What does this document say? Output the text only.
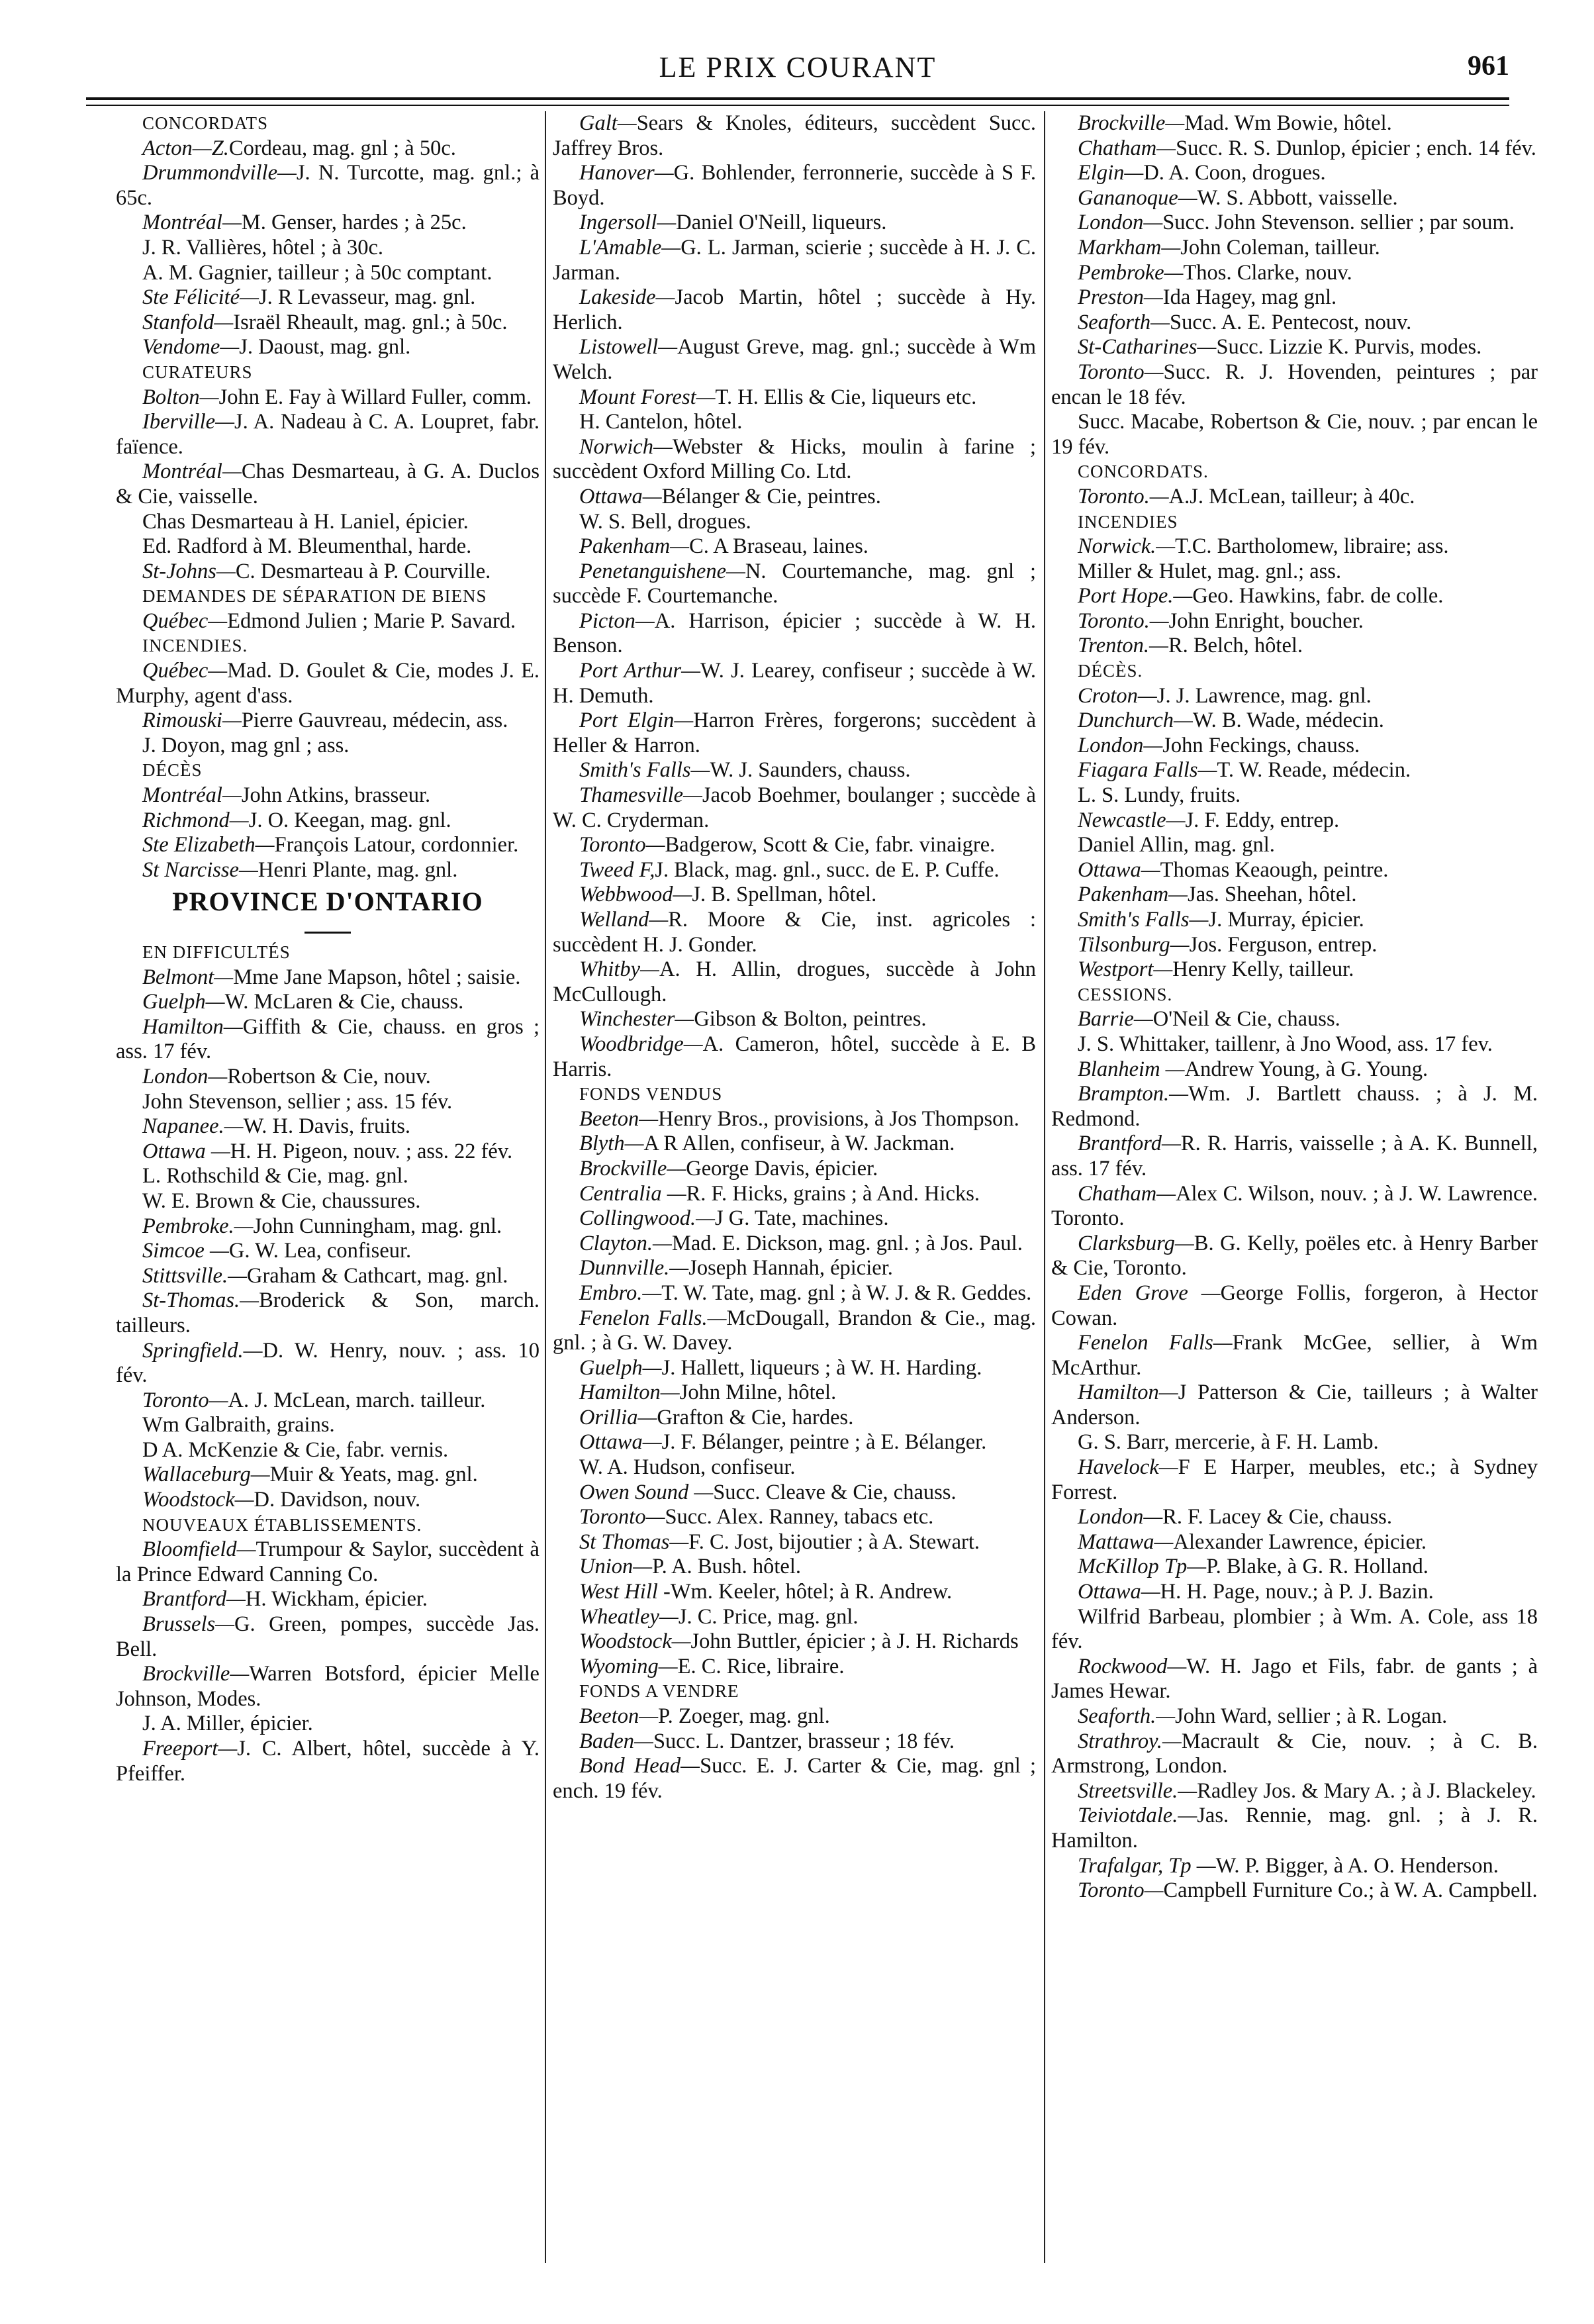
LE PRIX COURANT	961

CONCORDATS

Acton—Z.Cordeau, mag. gnl ; à 50c.

Drummondville—J. N. Turcotte, mag. gnl.; à 65c.

Montréal—M. Genser, hardes ; à 25c.

J. R. Vallières, hôtel ; à 30c.

A. M. Gagnier, tailleur ; à 50c comptant.

Ste Félicité—J. R Levasseur, mag. gnl.

Stanfold—Israël Rheault, mag. gnl.; à 50c.

Vendome—J. Daoust, mag. gnl.

CURATEURS

Bolton—John E. Fay à Willard Fuller, comm.

Iberville—J. A. Nadeau à C. A. Loupret, fabr. faïence.

Montréal—Chas Desmarteau, à G. A. Duclos & Cie, vaisselle.

Chas Desmarteau à H. Laniel, épicier.

Ed. Radford à M. Bleumenthal, harde.

St-Johns—C. Desmarteau à P. Courville.

DEMANDES DE SÉPARATION DE BIENS

Québec—Edmond Julien ; Marie P. Savard.

INCENDIES.

Québec—Mad. D. Goulet & Cie, modes J. E. Murphy, agent d'ass.

Rimouski—Pierre Gauvreau, médecin, ass.

J. Doyon, mag gnl ; ass.

DÉCÈS

Montréal—John Atkins, brasseur.

Richmond—J. O. Keegan, mag. gnl.

Ste Elizabeth—François Latour, cordonnier.

St Narcisse—Henri Plante, mag. gnl.

PROVINCE D'ONTARIO

EN DIFFICULTÉS

Belmont—Mme Jane Mapson, hôtel ; saisie.

Guelph—W. McLaren & Cie, chauss.

Hamilton—Giffith & Cie, chauss. en gros ; ass. 17 fév.

London—Robertson & Cie, nouv.

John Stevenson, sellier ; ass. 15 fév.

Napanee.—W. H. Davis, fruits.

Ottawa —H. H. Pigeon, nouv. ; ass. 22 fév.

L. Rothschild & Cie, mag. gnl.

W. E. Brown & Cie, chaussures.

Pembroke.—John Cunningham, mag. gnl.

Simcoe —G. W. Lea, confiseur.

Stittsville.—Graham & Cathcart, mag. gnl.

St-Thomas.—Broderick & Son, march. tailleurs.

Springfield.—D. W. Henry, nouv. ; ass. 10 fév.

Toronto—A. J. McLean, march. tailleur.

Wm Galbraith, grains.

D A. McKenzie & Cie, fabr. vernis.

Wallaceburg—Muir & Yeats, mag. gnl.

Woodstock—D. Davidson, nouv.

NOUVEAUX ÉTABLISSEMENTS.

Bloomfield—Trumpour & Saylor, succèdent à la Prince Edward Canning Co.

Brantford—H. Wickham, épicier.

Brussels—G. Green, pompes, succède Jas. Bell.

Brockville—Warren Botsford, épicier Melle Johnson, Modes.

J. A. Miller, épicier.

Freeport—J. C. Albert, hôtel, succède à Y. Pfeiffer.

Galt—Sears & Knoles, éditeurs, succèdent Succ. Jaffrey Bros.

Hanover—G. Bohlender, ferronnerie, succède à S F. Boyd.

Ingersoll—Daniel O'Neill, liqueurs.

L'Amable—G. L. Jarman, scierie ; succède à H. J. C. Jarman.

Lakeside—Jacob Martin, hôtel ; succède à Hy. Herlich.

Listowell—August Greve, mag. gnl.; succède à Wm Welch.

Mount Forest—T. H. Ellis & Cie, liqueurs etc.

H. Cantelon, hôtel.

Norwich—Webster & Hicks, moulin à farine ; succèdent Oxford Milling Co. Ltd.

Ottawa—Bélanger & Cie, peintres.

W. S. Bell, drogues.

Pakenham—C. A Braseau, laines.

Penetanguishene—N. Courtemanche, mag. gnl ; succède F. Courtemanche.

Picton—A. Harrison, épicier ; succède à W. H. Benson.

Port Arthur—W. J. Learey, confiseur ; succède à W. H. Demuth.

Port Elgin—Harron Frères, forgerons; succèdent à Heller & Harron.

Smith's Falls—W. J. Saunders, chauss.

Thamesville—Jacob Boehmer, boulanger ; succède à W. C. Cryderman.

Toronto—Badgerow, Scott & Cie, fabr. vinaigre.

Tweed F,J. Black, mag. gnl., succ. de E. P. Cuffe.

Webbwood—J. B. Spellman, hôtel.

Welland—R. Moore & Cie, inst. agricoles : succèdent H. J. Gonder.

Whitby—A. H. Allin, drogues, succède à John McCullough.

Winchester—Gibson & Bolton, peintres.

Woodbridge—A. Cameron, hôtel, succède à E. B Harris.

FONDS VENDUS

Beeton—Henry Bros., provisions, à Jos Thompson.

Blyth—A R Allen, confiseur, à W. Jackman.

Brockville—George Davis, épicier.

Centralia —R. F. Hicks, grains ; à And. Hicks.

Collingwood.—J G. Tate, machines.

Clayton.—Mad. E. Dickson, mag. gnl. ; à Jos. Paul.

Dunnville.—Joseph Hannah, épicier.

Embro.—T. W. Tate, mag. gnl ; à W. J. & R. Geddes.

Fenelon Falls.—McDougall, Brandon & Cie., mag. gnl. ; à G. W. Davey.

Guelph—J. Hallett, liqueurs ; à W. H. Harding.

Hamilton—John Milne, hôtel.

Orillia—Grafton & Cie, hardes.

Ottawa—J. F. Bélanger, peintre ; à E. Bélanger.

W. A. Hudson, confiseur.

Owen Sound —Succ. Cleave & Cie, chauss.

Toronto—Succ. Alex. Ranney, tabacs etc.

St Thomas—F. C. Jost, bijoutier ; à A. Stewart.

Union—P. A. Bush. hôtel.

West Hill -Wm. Keeler, hôtel; à R. Andrew.

Wheatley—J. C. Price, mag. gnl.

Woodstock—John Buttler, épicier ; à J. H. Richards

Wyoming—E. C. Rice, libraire.

FONDS A VENDRE

Beeton—P. Zoeger, mag. gnl.

Baden—Succ. L. Dantzer, brasseur ; 18 fév.

Bond Head—Succ. E. J. Carter & Cie, mag. gnl ; ench. 19 fév.

Brockville—Mad. Wm Bowie, hôtel.

Chatham—Succ. R. S. Dunlop, épicier ; ench. 14 fév.

Elgin—D. A. Coon, drogues.

Gananoque—W. S. Abbott, vaisselle.

London—Succ. John Stevenson. sellier ; par soum.

Markham—John Coleman, tailleur.

Pembroke—Thos. Clarke, nouv.

Preston—Ida Hagey, mag gnl.

Seaforth—Succ. A. E. Pentecost, nouv.

St-Catharines—Succ. Lizzie K. Purvis, modes.

Toronto—Succ. R. J. Hovenden, peintures ; par encan le 18 fév.

Succ. Macabe, Robertson & Cie, nouv. ; par encan le 19 fév.

CONCORDATS.

Toronto.—A.J. McLean, tailleur; à 40c.

INCENDIES

Norwick.—T.C. Bartholomew, libraire; ass.

Miller & Hulet, mag. gnl.; ass.

Port Hope.—Geo. Hawkins, fabr. de colle.

Toronto.—John Enright, boucher.

Trenton.—R. Belch, hôtel.

DÉCÈS.

Croton—J. J. Lawrence, mag. gnl.

Dunchurch—W. B. Wade, médecin.

London—John Feckings, chauss.

Fiagara Falls—T. W. Reade, médecin.

L. S. Lundy, fruits.

Newcastle—J. F. Eddy, entrep.

Daniel Allin, mag. gnl.

Ottawa—Thomas Keaough, peintre.

Pakenham—Jas. Sheehan, hôtel.

Smith's Falls—J. Murray, épicier.

Tilsonburg—Jos. Ferguson, entrep.

Westport—Henry Kelly, tailleur.

CESSIONS.

Barrie—O'Neil & Cie, chauss.

J. S. Whittaker, taillenr, à Jno Wood, ass. 17 fev.

Blanheim —Andrew Young, à G. Young.

Brampton.—Wm. J. Bartlett chauss. ; à J. M. Redmond.

Brantford—R. R. Harris, vaisselle ; à A. K. Bunnell, ass. 17 fév.

Chatham—Alex C. Wilson, nouv. ; à J. W. Lawrence. Toronto.

Clarksburg—B. G. Kelly, poëles etc. à Henry Barber & Cie, Toronto.

Eden Grove —George Follis, forgeron, à Hector Cowan.

Fenelon Falls—Frank McGee, sellier, à Wm McArthur.

Hamilton—J Patterson & Cie, tailleurs ; à Walter Anderson.

G. S. Barr, mercerie, à F. H. Lamb.

Havelock—F E Harper, meubles, etc.; à Sydney Forrest.

London—R. F. Lacey & Cie, chauss.

Mattawa—Alexander Lawrence, épicier.

McKillop Tp—P. Blake, à G. R. Holland.

Ottawa—H. H. Page, nouv.; à P. J. Bazin.

Wilfrid Barbeau, plombier ; à Wm. A. Cole, ass 18 fév.

Rockwood—W. H. Jago et Fils, fabr. de gants ; à James Hewar.

Seaforth.—John Ward, sellier ; à R. Logan.

Strathroy.—Macrault & Cie, nouv. ; à C. B. Armstrong, London.

Streetsville.—Radley Jos. & Mary A. ; à J. Blackeley.

Teiviotdale.—Jas. Rennie, mag. gnl. ; à J. R. Hamilton.

Trafalgar, Tp —W. P. Bigger, à A. O. Henderson.

Toronto—Campbell Furniture Co.; à W. A. Campbell.
